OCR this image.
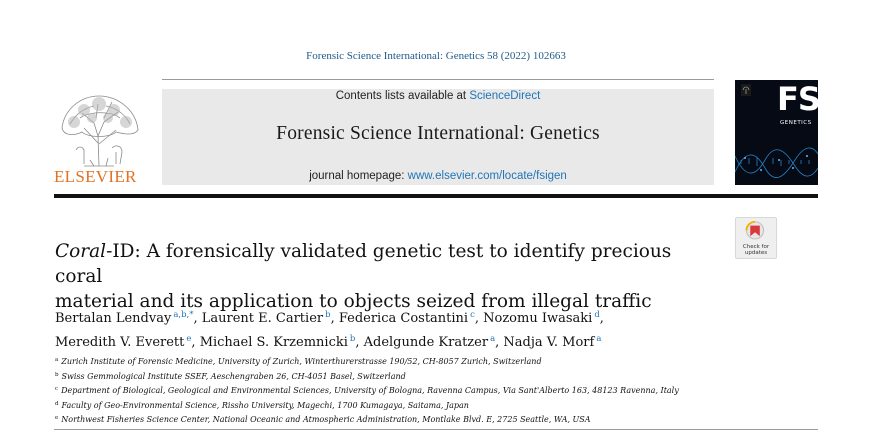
Forensic Science International: Genetics 58 (2022) 102663
ELSEVIER
Contents lists available at ScienceDirect
Forensic Science International: Genetics
journal homepage: www.elsevier.com/locate/fsigen
FSI
GENETICS
Check for
updates
Coral-ID: A forensically validated genetic test to identify precious coral
material and its application to objects seized from illegal traffic
Bertalan Lendvay $^{a,b,*}$, Laurent E. Cartier $^b$, Federica Costantini $^c$, Nozomu Iwasaki $^d$,
Meredith V. Everett $^e$, Michael S. Krzemnicki $^b$, Adelgunde Kratzer $^a$, Nadja V. Morf $^a$
$^a$ Zurich Institute of Forensic Medicine, University of Zurich, Winterthurerstrasse 190/52, CH-8057 Zurich, Switzerland
$^b$ Swiss Gemmological Institute SSEF, Aeschengraben 26, CH-4051 Basel, Switzerland
$^c$ Department of Biological, Geological and Environmental Sciences, University of Bologna, Ravenna Campus, Via Sant'Alberto 163, 48123 Ravenna, Italy
$^d$ Faculty of Geo-Environmental Science, Rissho University, Magechi, 1700 Kumagaya, Saitama, Japan
$^e$ Northwest Fisheries Science Center, National Oceanic and Atmospheric Administration, Montlake Blvd. E, 2725 Seattle, WA, USA
